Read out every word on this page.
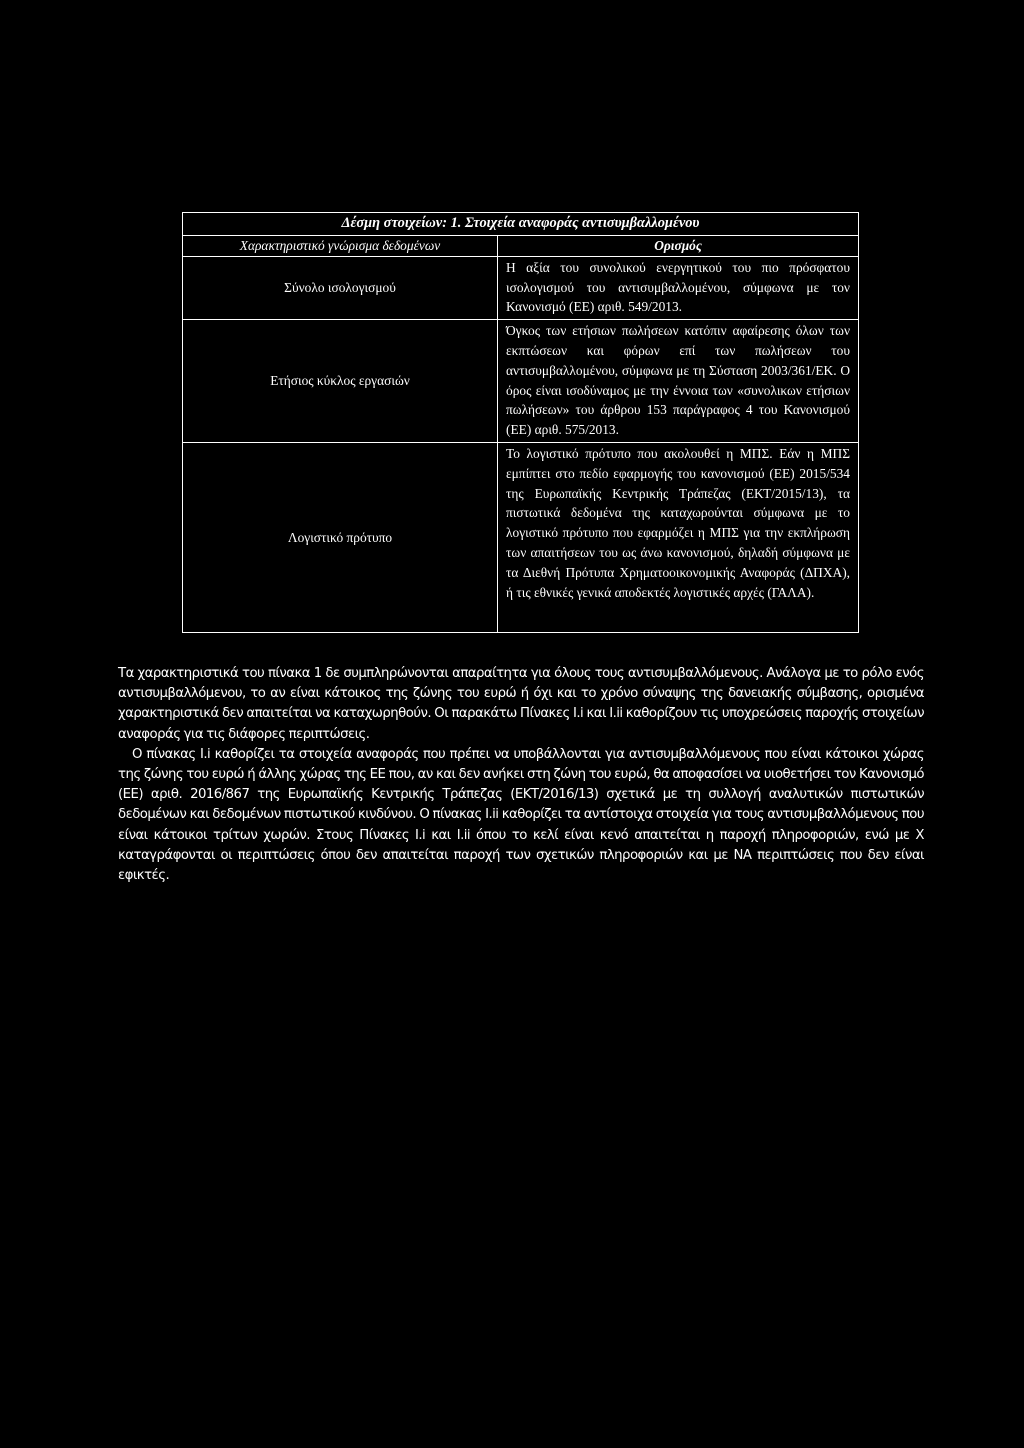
Δέσμη στοιχείων: 1. Στοιχεία αναφοράς αντισυμβαλλομένου	
Χαρακτηριστικό γνώρισμα δεδομένων	Ορισμός
Σύνολο ισολογισμού	Η αξία του συνολικού ενεργητικού του πιο πρόσφατου ισολογισμού του αντισυμβαλλομένου, σύμφωνα με τον Κανονισμό (ΕΕ) αριθ. 549/2013.
Ετήσιος κύκλος εργασιών	Όγκος των ετήσιων πωλήσεων κατόπιν αφαίρεσης όλων των εκπτώσεων και φόρων επί των πωλήσεων του αντισυμβαλλομένου, σύμφωνα με τη Σύσταση 2003/361/ΕΚ. Ο όρος είναι ισοδύναμος με την έννοια των «συνολικων ετήσιων πωλήσεων» του άρθρου 153 παράγραφος 4 του Κανονισμού (ΕΕ) αριθ. 575/2013.
Λογιστικό πρότυπο	Το λογιστικό πρότυπο που ακολουθεί η ΜΠΣ. Εάν η ΜΠΣ εμπίπτει στο πεδίο εφαρμογής του κανονισμού (ΕΕ) 2015/534 της Ευρωπαϊκής Κεντρικής Τράπεζας (ΕΚΤ/2015/13), τα πιστωτικά δεδομένα της καταχωρούνται σύμφωνα με το λογιστικό πρότυπο που εφαρμόζει η ΜΠΣ για την εκπλήρωση των απαιτήσεων του ως άνω κανονισμού, δηλαδή σύμφωνα με τα Διεθνή Πρότυπα Χρηματοοικονομικής Αναφοράς (ΔΠΧΑ), ή τις εθνικές γενικά αποδεκτές λογιστικές αρχές (ΓΑΛΑ).

Τα χαρακτηριστικά του πίνακα 1 δε συμπληρώνονται απαραίτητα για όλους τους αντισυμβαλλόμενους. Ανάλογα με το ρόλο ενός αντισυμβαλλόμενου, το αν είναι κάτοικος της ζώνης του ευρώ ή όχι και το χρόνο σύναψης της δανειακής σύμβασης, ορισμένα χαρακτηριστικά δεν απαιτείται να καταχωρηθούν. Οι παρακάτω Πίνακες I.i και I.ii καθορίζουν τις υποχρεώσεις παροχής στοιχείων αναφοράς για τις διάφορες περιπτώσεις.

Ο πίνακας I.i καθορίζει τα στοιχεία αναφοράς που πρέπει να υποβάλλονται για αντισυμβαλλόμενους που είναι κάτοικοι χώρας της ζώνης του ευρώ ή άλλης χώρας της ΕΕ που, αν και δεν ανήκει στη ζώνη του ευρώ, θα αποφασίσει να υιοθετήσει τον Κανονισμό (ΕΕ) αριθ. 2016/867 της Ευρωπαϊκής Κεντρικής Τράπεζας (ΕΚΤ/2016/13) σχετικά με τη συλλογή αναλυτικών πιστωτικών δεδομένων και δεδομένων πιστωτικού κινδύνου. Ο πίνακας I.ii καθορίζει τα αντίστοιχα στοιχεία για τους αντισυμβαλλόμενους που είναι κάτοικοι τρίτων χωρών. Στους Πίνακες I.i και I.ii όπου το κελί είναι κενό απαιτείται η παροχή πληροφοριών, ενώ με Χ καταγράφονται οι περιπτώσεις όπου δεν απαιτείται παροχή των σχετικών πληροφοριών και με ΝΑ περιπτώσεις που δεν είναι εφικτές.
